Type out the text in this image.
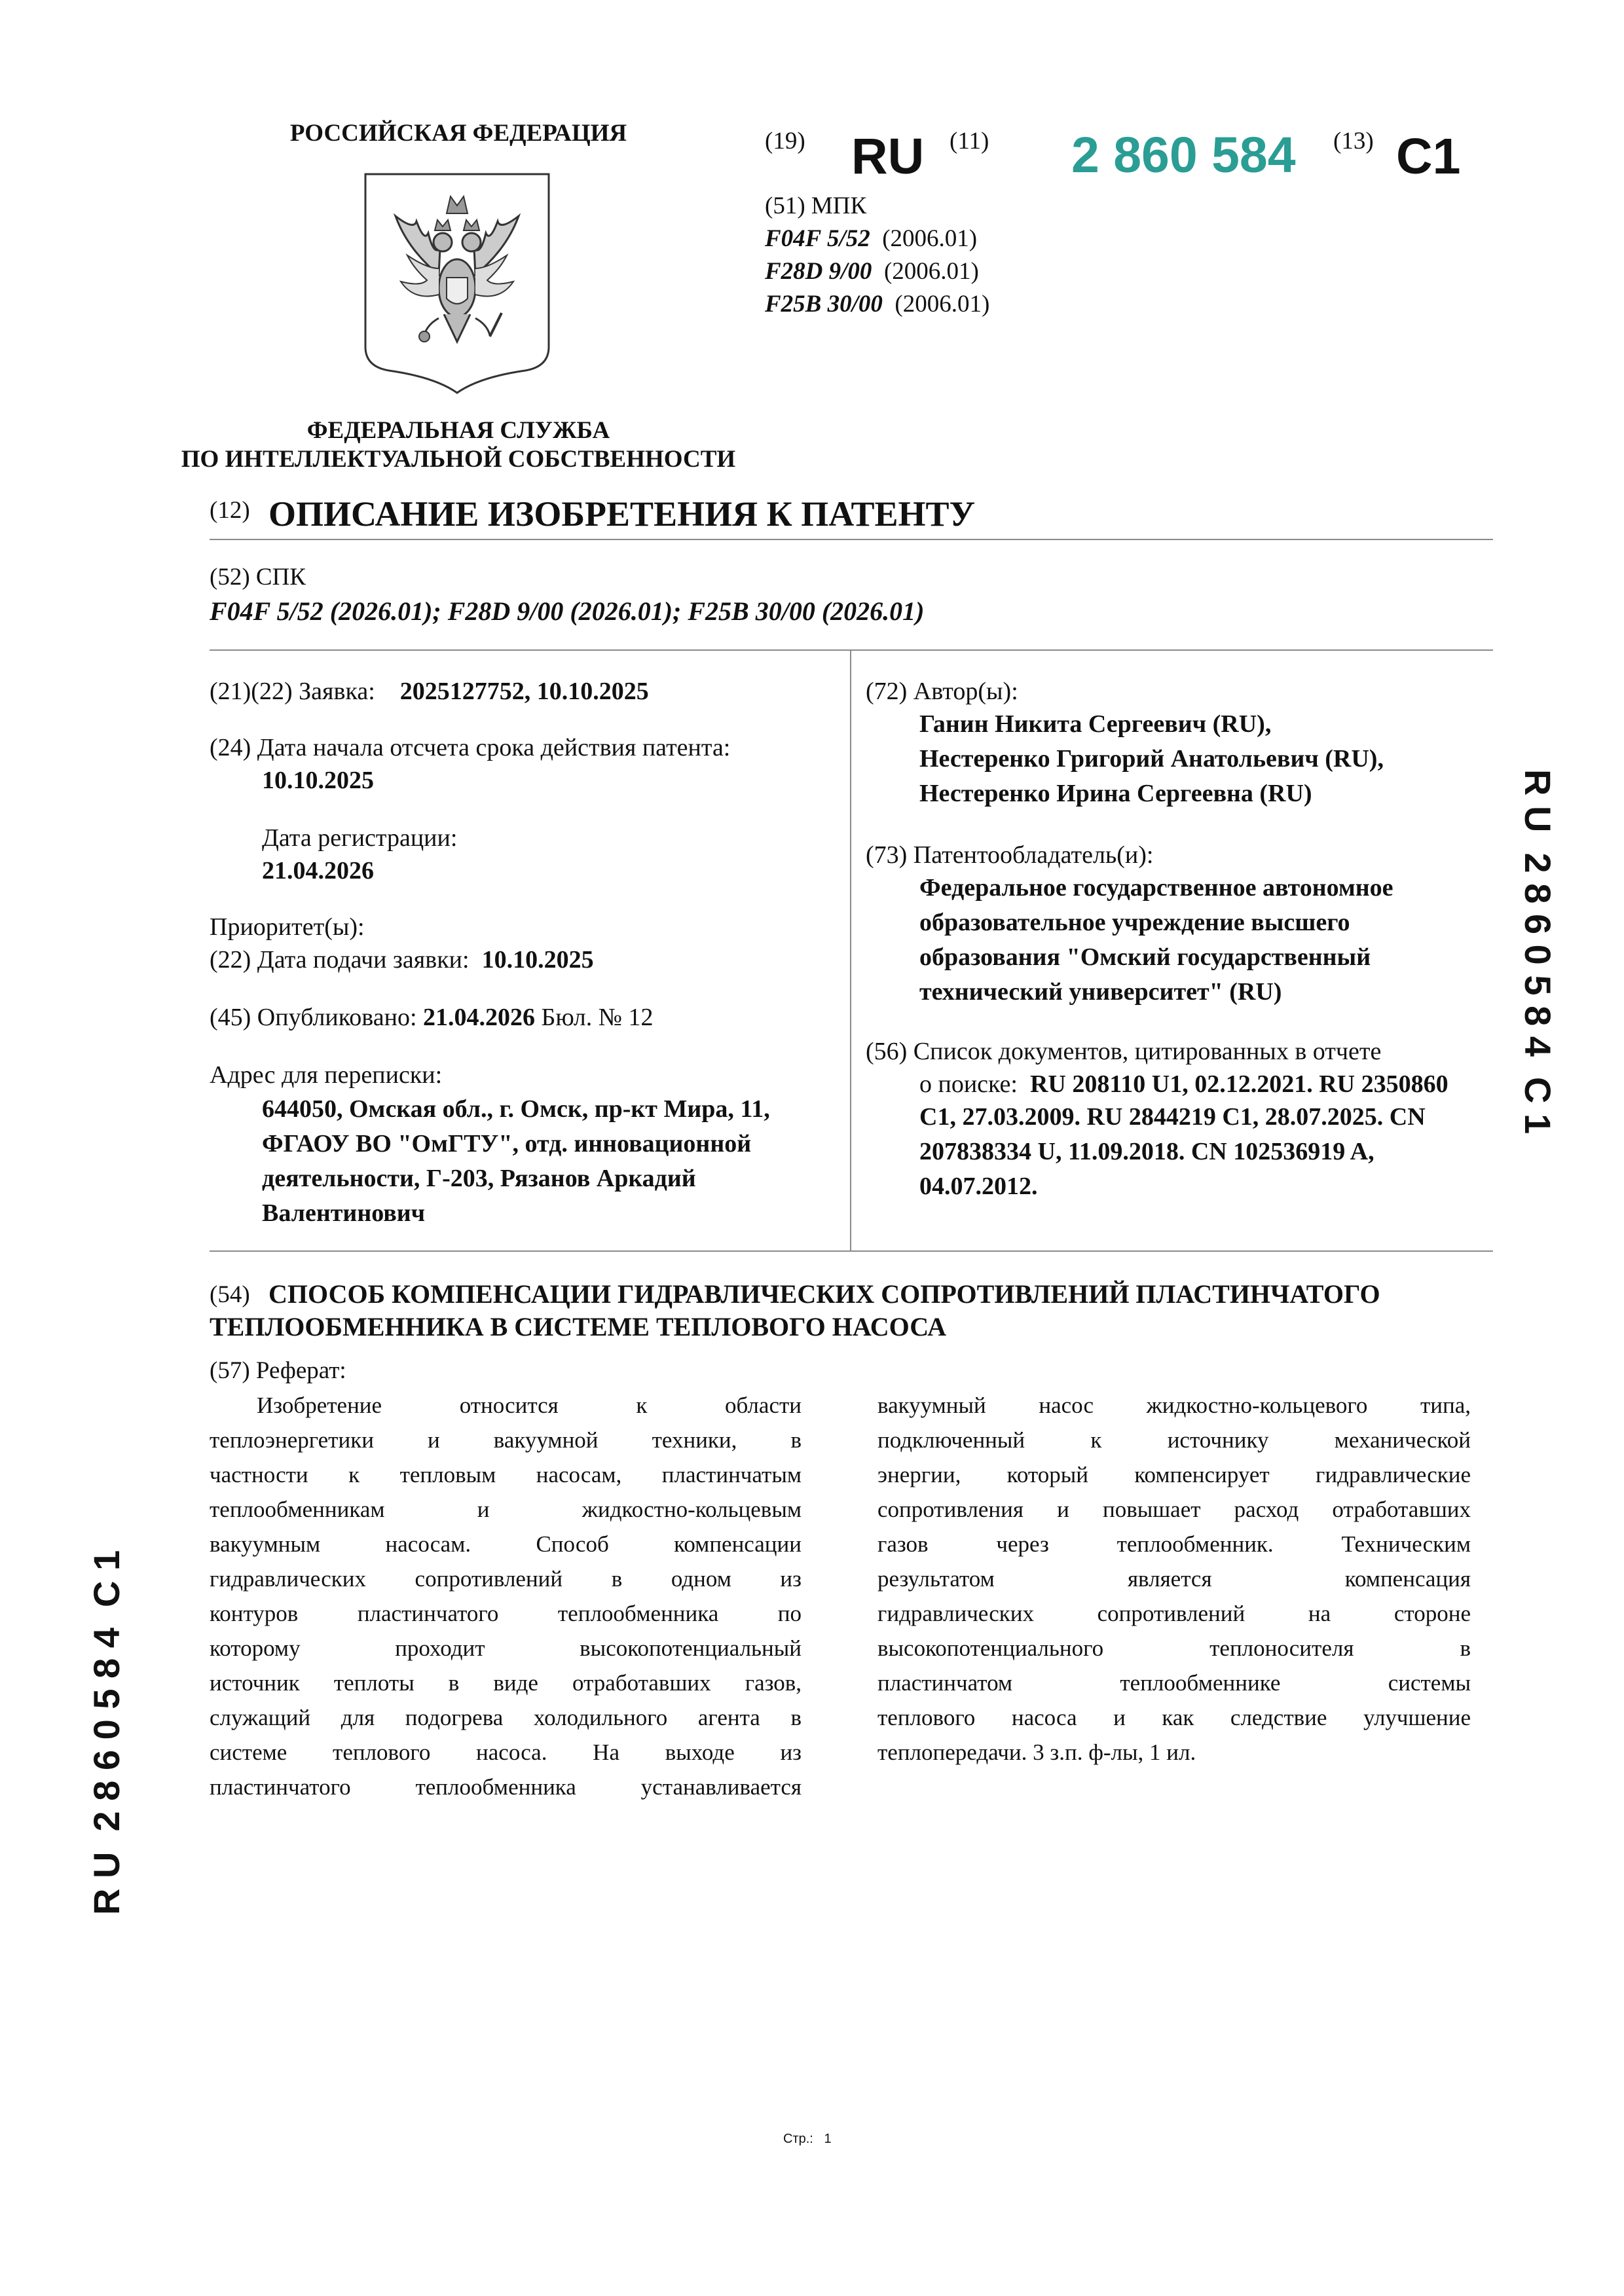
РОССИЙСКАЯ ФЕДЕРАЦИЯ
ФЕДЕРАЛЬНАЯ СЛУЖБА
ПО ИНТЕЛЛЕКТУАЛЬНОЙ СОБСТВЕННОСТИ
(19) RU (11) 2 860 584 (13) C1
(51) МПК
F04F 5/52 (2006.01)
F28D 9/00 (2006.01)
F25B 30/00 (2006.01)
(12) ОПИСАНИЕ ИЗОБРЕТЕНИЯ К ПАТЕНТУ
(52) СПК
F04F 5/52 (2026.01); F28D 9/00 (2026.01); F25B 30/00 (2026.01)
(21)(22) Заявка: 2025127752, 10.10.2025
(24) Дата начала отсчета срока действия патента:
10.10.2025
Дата регистрации:
21.04.2026
Приоритет(ы):
(22) Дата подачи заявки: 10.10.2025
(45) Опубликовано: 21.04.2026 Бюл. № 12
Адрес для переписки:
644050, Омская обл., г. Омск, пр-кт Мира, 11,
ФГАОУ ВО "ОмГТУ", отд. инновационной
деятельности, Г-203, Рязанов Аркадий
Валентинович
(72) Автор(ы):
Ганин Никита Сергеевич (RU),
Нестеренко Григорий Анатольевич (RU),
Нестеренко Ирина Сергеевна (RU)
(73) Патентообладатель(и):
Федеральное государственное автономное
образовательное учреждение высшего
образования "Омский государственный
технический университет" (RU)
(56) Список документов, цитированных в отчете
о поиске: RU 208110 U1, 02.12.2021. RU 2350860
C1, 27.03.2009. RU 2844219 C1, 28.07.2025. CN
207838334 U, 11.09.2018. CN 102536919 A,
04.07.2012.
(54) СПОСОБ КОМПЕНСАЦИИ ГИДРАВЛИЧЕСКИХ СОПРОТИВЛЕНИЙ ПЛАСТИНЧАТОГО
ТЕПЛООБМЕННИКА В СИСТЕМЕ ТЕПЛОВОГО НАСОСА
(57) Реферат:
Изобретение относится к области
теплоэнергетики и вакуумной техники, в
частности к тепловым насосам, пластинчатым
теплообменникам и жидкостно-кольцевым
вакуумным насосам. Способ компенсации
гидравлических сопротивлений в одном из
контуров пластинчатого теплообменника по
которому проходит высокопотенциальный
источник теплоты в виде отработавших газов,
служащий для подогрева холодильного агента в
системе теплового насоса. На выходе из
пластинчатого теплообменника устанавливается
вакуумный насос жидкостно-кольцевого типа,
подключенный к источнику механической
энергии, который компенсирует гидравлические
сопротивления и повышает расход отработавших
газов через теплообменник. Техническим
результатом является компенсация
гидравлических сопротивлений на стороне
высокопотенциального теплоносителя в
пластинчатом теплообменнике системы
теплового насоса и как следствие улучшение
теплопередачи. 3 з.п. ф-лы, 1 ил.
R U  2 8 6 0 5 8 4  C 1
R U  2 8 6 0 5 8 4  C 1
Стр.: 1
